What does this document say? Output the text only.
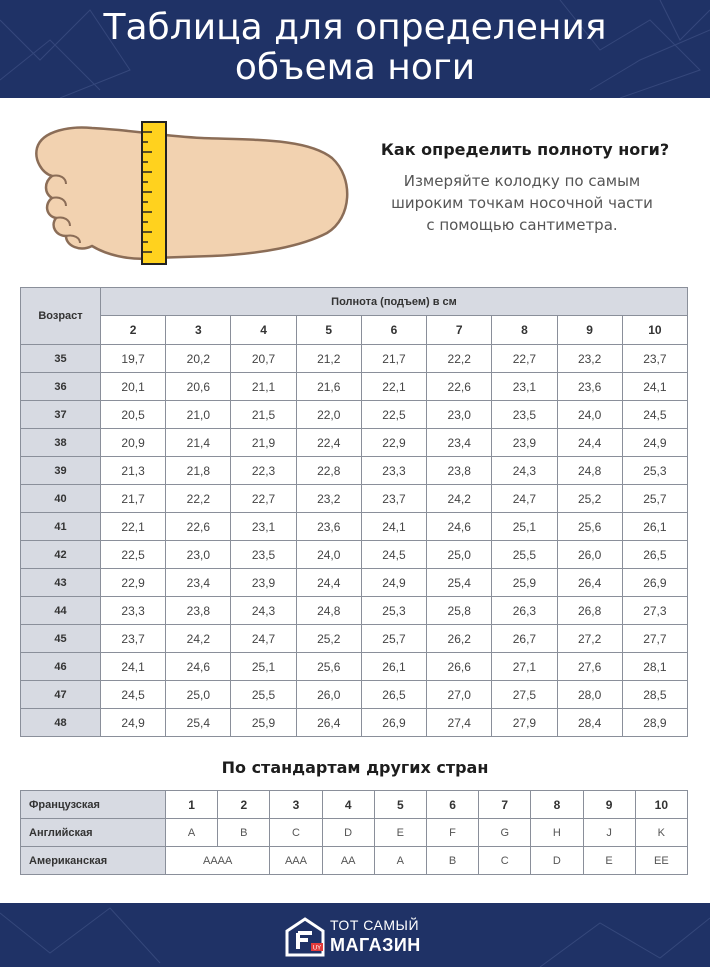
Таблица для определения
объема ноги
Как определить полноту ноги?
Измеряйте колодку по самым
широким точкам носочной части
с помощью сантиметра.
Возраст	Полнота (подъем) в см								
	2	3	4	5	6	7	8	9	10
35	19,7	20,2	20,7	21,2	21,7	22,2	22,7	23,2	23,7
36	20,1	20,6	21,1	21,6	22,1	22,6	23,1	23,6	24,1
37	20,5	21,0	21,5	22,0	22,5	23,0	23,5	24,0	24,5
38	20,9	21,4	21,9	22,4	22,9	23,4	23,9	24,4	24,9
39	21,3	21,8	22,3	22,8	23,3	23,8	24,3	24,8	25,3
40	21,7	22,2	22,7	23,2	23,7	24,2	24,7	25,2	25,7
41	22,1	22,6	23,1	23,6	24,1	24,6	25,1	25,6	26,1
42	22,5	23,0	23,5	24,0	24,5	25,0	25,5	26,0	26,5
43	22,9	23,4	23,9	24,4	24,9	25,4	25,9	26,4	26,9
44	23,3	23,8	24,3	24,8	25,3	25,8	26,3	26,8	27,3
45	23,7	24,2	24,7	25,2	25,7	26,2	26,7	27,2	27,7
46	24,1	24,6	25,1	25,6	26,1	26,6	27,1	27,6	28,1
47	24,5	25,0	25,5	26,0	26,5	27,0	27,5	28,0	28,5
48	24,9	25,4	25,9	26,4	26,9	27,4	27,9	28,4	28,9
По стандартам других стран
Французская	1	2	3	4	5	6	7	8	9	10
Английская	A	B	C	D	E	F	G	H	J	K
Американская	AAAA		AAA	AA	A	B	C	D	E	EE
UY
ТОТ САМЫЙ
МАГАЗИН
